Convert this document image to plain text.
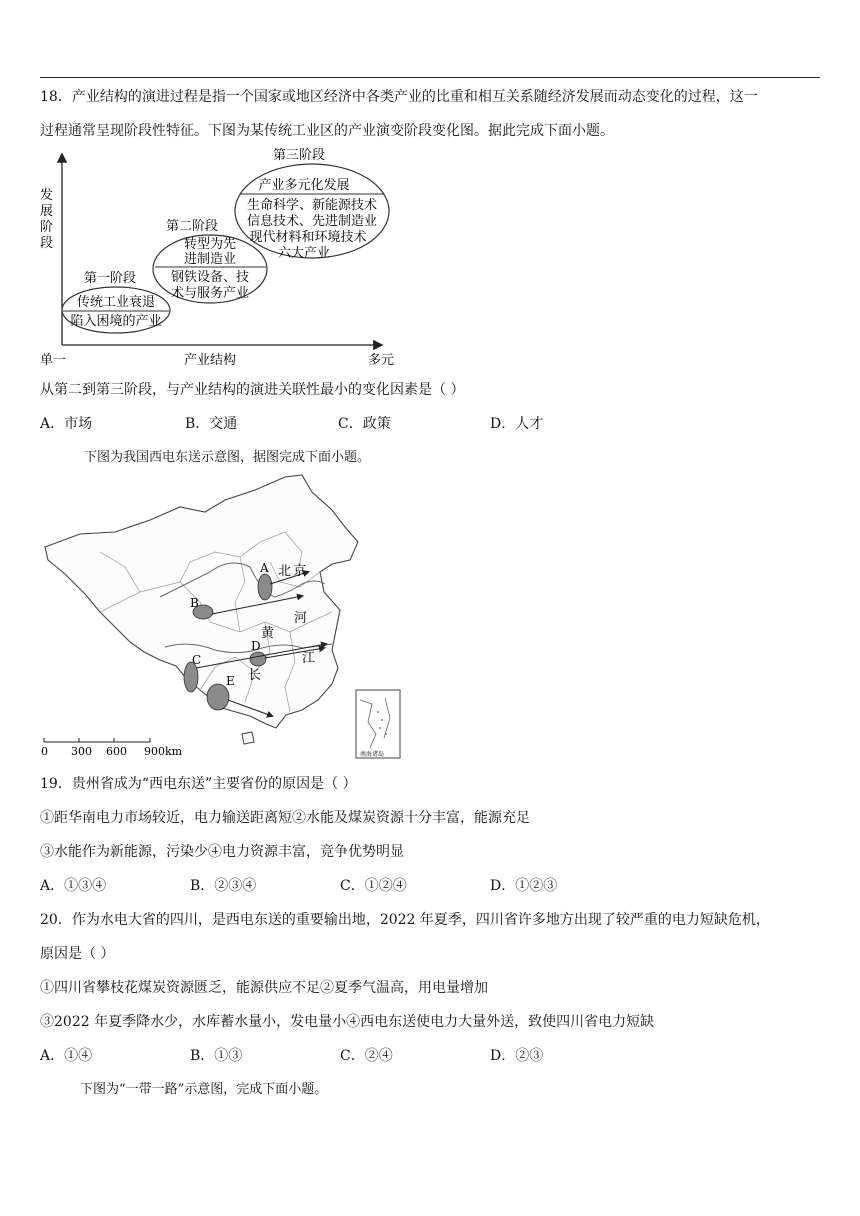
18．产业结构的演进过程是指一个国家或地区经济中各类产业的比重和相互关系随经济发展而动态变化的过程，这一
过程通常呈现阶段性特征。下图为某传统工业区的产业演变阶段变化图。据此完成下面小题。
发
展
阶
段
单一	产业结构	多元
第一阶段
传统工业衰退
陷入困境的产业
第二阶段
转型为先
进制造业
钢铁设备、技
术与服务产业
第三阶段
产业多元化发展
生命科学、新能源技术
信息技术、先进制造业
现代材料和环境技术
六大产业
从第二到第三阶段，与产业结构的演进关联性最小的变化因素是（ ）
A．市场	B．交通	C．政策	D．人才
下图为我国西电东送示意图，据图完成下面小题。
A
B
C
D
E
北 京
河
黄
长
江
南海诸岛
0 300 600 900km
19．贵州省成为“西电东送”主要省份的原因是（ ）
①距华南电力市场较近，电力输送距离短②水能及煤炭资源十分丰富，能源充足
③水能作为新能源，污染少④电力资源丰富，竞争优势明显
A．①③④	B．②③④	C．①②④	D．①②③
20．作为水电大省的四川，是西电东送的重要输出地，2022 年夏季，四川省许多地方出现了较严重的电力短缺危机，
原因是（ ）
①四川省攀枝花煤炭资源匮乏，能源供应不足②夏季气温高，用电量增加
③2022 年夏季降水少，水库蓄水量小，发电量小④西电东送使电力大量外送，致使四川省电力短缺
A．①④	B．①③	C．②④	D．②③
下图为“一带一路”示意图，完成下面小题。
